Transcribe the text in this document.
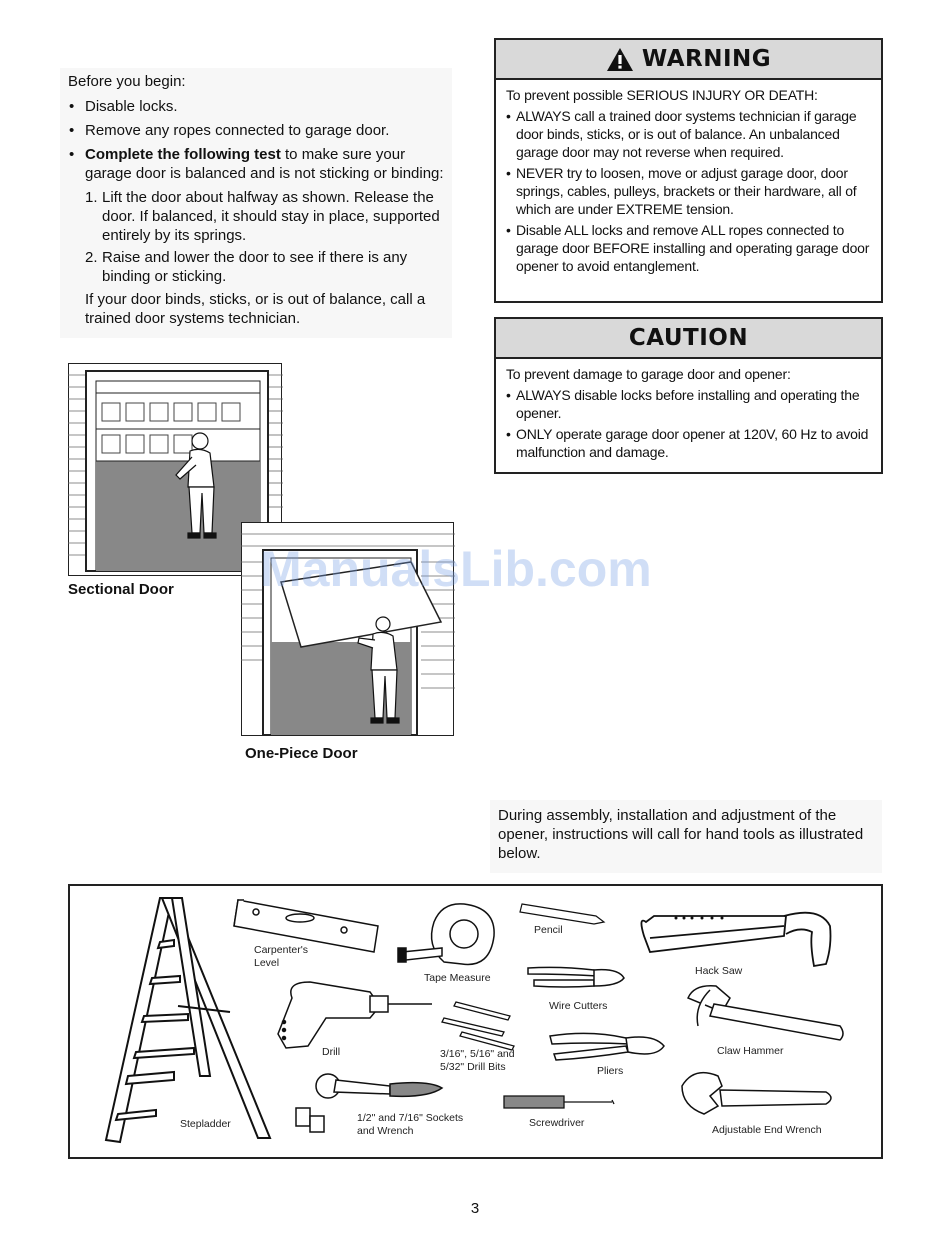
Before you begin:

• Disable locks.
• Remove any ropes connected to garage door.
• Complete the following test to make sure your garage door is balanced and is not sticking or binding:
1. Lift the door about halfway as shown. Release the door. If balanced, it should stay in place, supported entirely by its springs.
2. Raise and lower the door to see if there is any binding or sticking.

If your door binds, sticks, or is out of balance, call a trained door systems technician.

WARNING

To prevent possible SERIOUS INJURY OR DEATH:

• ALWAYS call a trained door systems technician if garage door binds, sticks, or is out of balance. An unbalanced garage door may not reverse when required.
• NEVER try to loosen, move or adjust garage door, door springs, cables, pulleys, brackets or their hardware, all of which are under EXTREME tension.
• Disable ALL locks and remove ALL ropes connected to garage door BEFORE installing and operating garage door opener to avoid entanglement.
CAUTION

To prevent damage to garage door and opener:

• ALWAYS disable locks before installing and operating the opener.
• ONLY operate garage door opener at 120V, 60 Hz to avoid malfunction and damage.
Sectional Door
One-Piece Door
ManualsLib.com
During assembly, installation and adjustment of the opener, instructions will call for hand tools as illustrated below.
Carpenter's
Level
Tape Measure
Pencil
Hack Saw
Wire Cutters
Drill	3/16", 5/16" and
5/32" Drill Bits	Pliers
Claw Hammer
Stepladder	1/2" and 7/16" Sockets
and Wrench
Screwdriver
Adjustable End Wrench
3
